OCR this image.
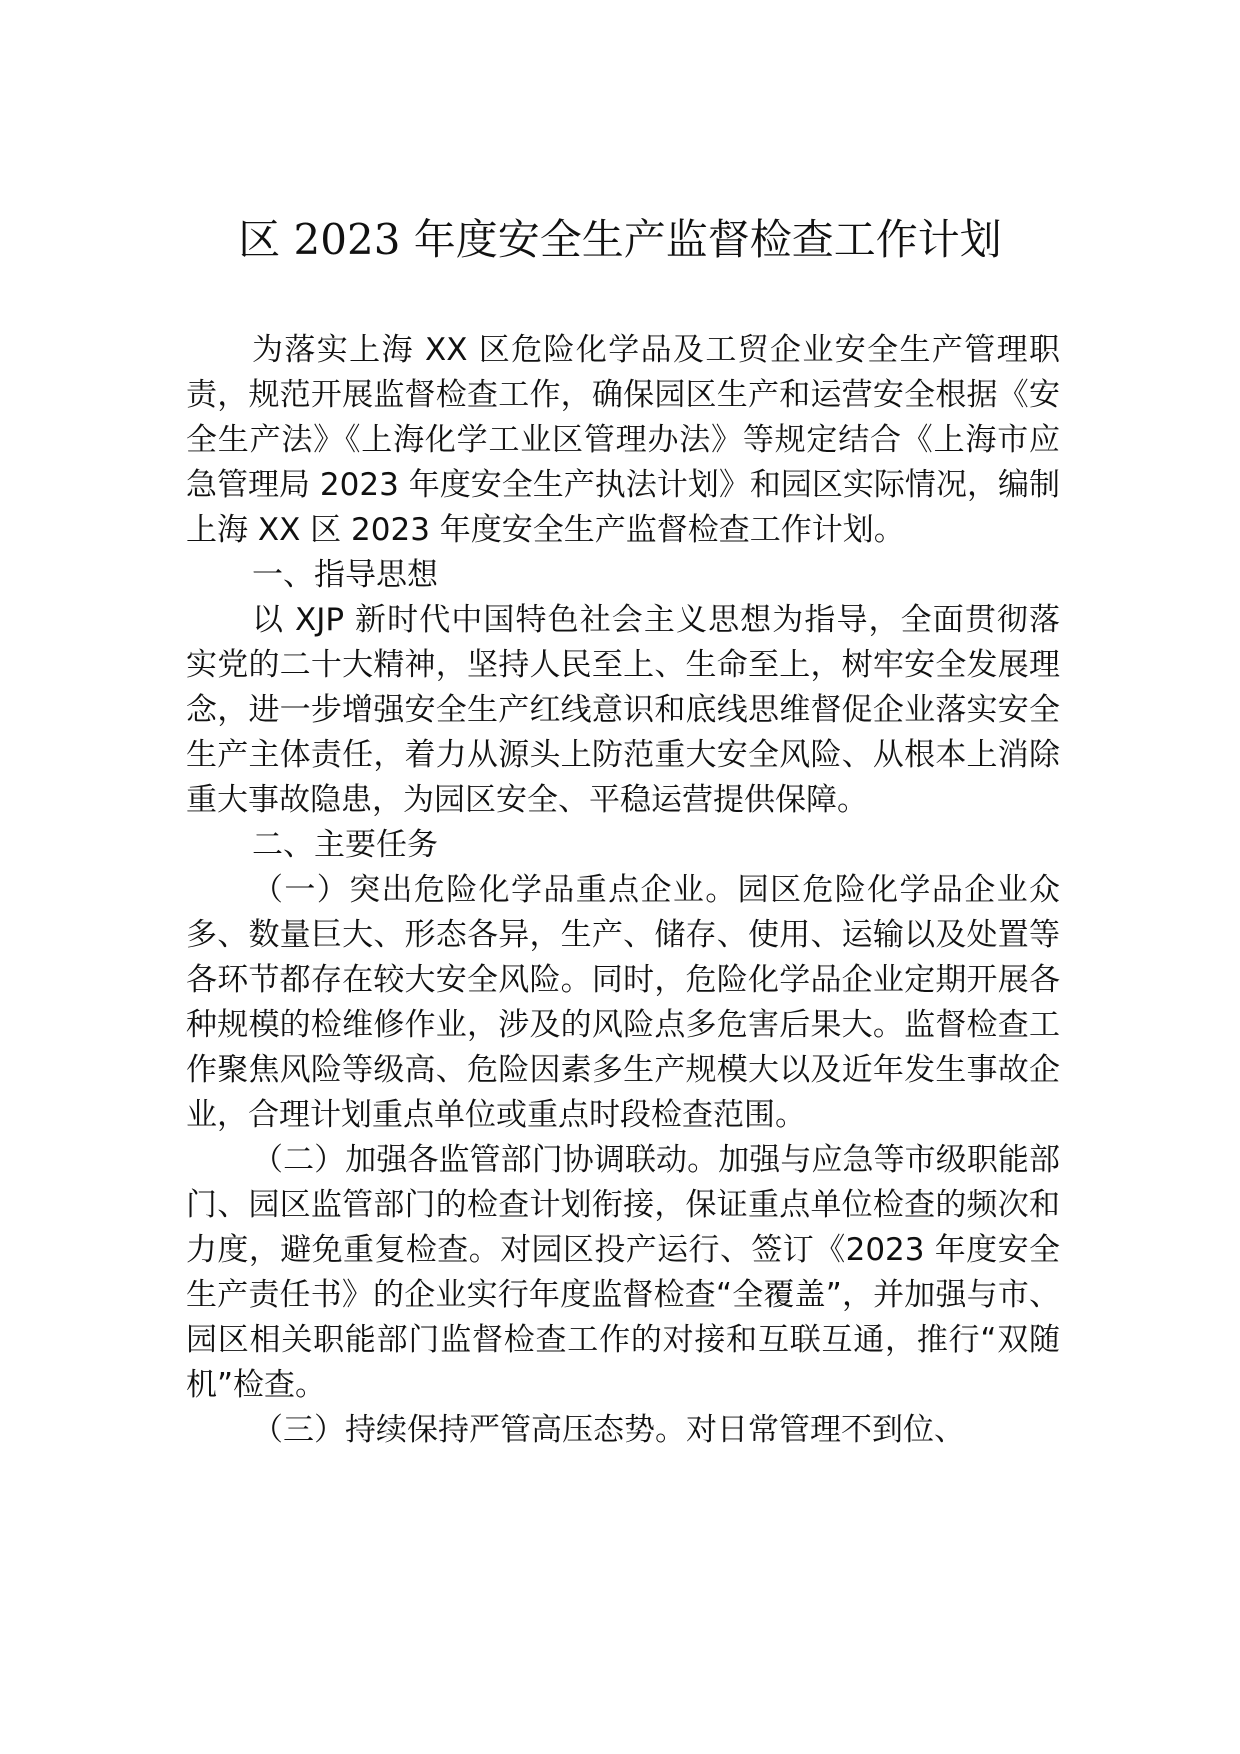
区 2023 年度安全生产监督检查工作计划

为落实上海 XX 区危险化学品及工贸企业安全生产管理职责，规范开展监督检查工作，确保园区生产和运营安全根据《安全生产法》《上海化学工业区管理办法》等规定结合《上海市应急管理局 2023 年度安全生产执法计划》和园区实际情况，编制上海 XX 区 2023 年度安全生产监督检查工作计划。

一、指导思想

以 XJP 新时代中国特色社会主义思想为指导，全面贯彻落实党的二十大精神，坚持人民至上、生命至上，树牢安全发展理念，进一步增强安全生产红线意识和底线思维督促企业落实安全生产主体责任，着力从源头上防范重大安全风险、从根本上消除重大事故隐患，为园区安全、平稳运营提供保障。

二、主要任务

（一）突出危险化学品重点企业。园区危险化学品企业众多、数量巨大、形态各异，生产、储存、使用、运输以及处置等各环节都存在较大安全风险。同时，危险化学品企业定期开展各种规模的检维修作业，涉及的风险点多危害后果大。监督检查工作聚焦风险等级高、危险因素多生产规模大以及近年发生事故企业，合理计划重点单位或重点时段检查范围。

（二）加强各监管部门协调联动。加强与应急等市级职能部门、园区监管部门的检查计划衔接，保证重点单位检查的频次和力度，避免重复检查。对园区投产运行、签订《2023 年度安全生产责任书》的企业实行年度监督检查“全覆盖”，并加强与市、园区相关职能部门监督检查工作的对接和互联互通，推行“双随机”检查。

（三）持续保持严管高压态势。对日常管理不到位、
